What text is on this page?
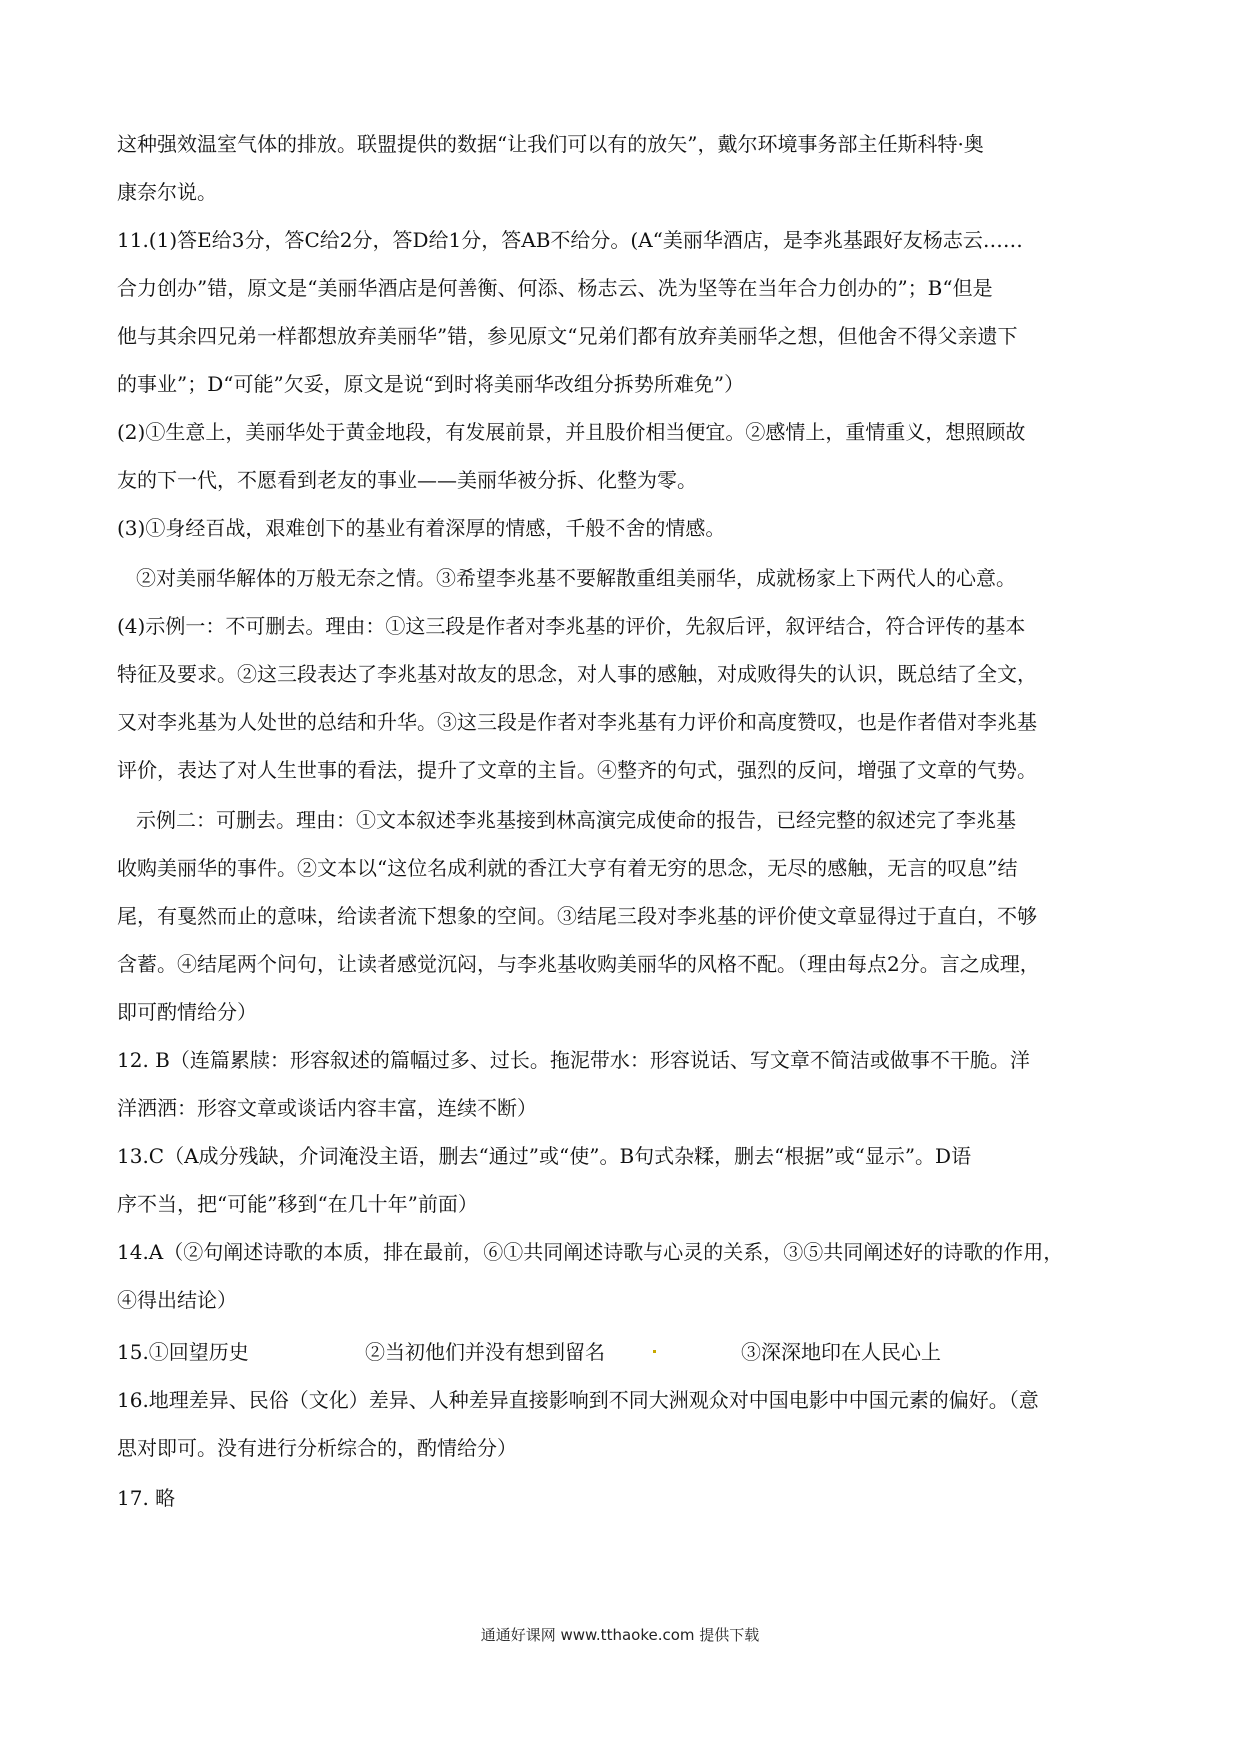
这种强效温室气体的排放。联盟提供的数据“让我们可以有的放矢”，戴尔环境事务部主任斯科特·奥
康奈尔说。
11.(1)答E给3分，答C给2分，答D给1分，答AB不给分。(A“美丽华酒店，是李兆基跟好友杨志云……
合力创办”错，原文是“美丽华酒店是何善衡、何添、杨志云、冼为坚等在当年合力创办的”；B“但是
他与其余四兄弟一样都想放弃美丽华”错，参见原文“兄弟们都有放弃美丽华之想，但他舍不得父亲遗下
的事业”；D“可能”欠妥，原文是说“到时将美丽华改组分拆势所难免”）
(2)①生意上，美丽华处于黄金地段，有发展前景，并且股价相当便宜。②感情上，重情重义，想照顾故
友的下一代，不愿看到老友的事业——美丽华被分拆、化整为零。
(3)①身经百战，艰难创下的基业有着深厚的情感，千般不舍的情感。
②对美丽华解体的万般无奈之情。③希望李兆基不要解散重组美丽华，成就杨家上下两代人的心意。
(4)示例一：不可删去。理由：①这三段是作者对李兆基的评价，先叙后评，叙评结合，符合评传的基本
特征及要求。②这三段表达了李兆基对故友的思念，对人事的感触，对成败得失的认识，既总结了全文，
又对李兆基为人处世的总结和升华。③这三段是作者对李兆基有力评价和高度赞叹，也是作者借对李兆基
评价，表达了对人生世事的看法，提升了文章的主旨。④整齐的句式，强烈的反问，增强了文章的气势。
示例二：可删去。理由：①文本叙述李兆基接到林高演完成使命的报告，已经完整的叙述完了李兆基
收购美丽华的事件。②文本以“这位名成利就的香江大亨有着无穷的思念，无尽的感触，无言的叹息”结
尾，有戛然而止的意味，给读者流下想象的空间。③结尾三段对李兆基的评价使文章显得过于直白，不够
含蓄。④结尾两个问句，让读者感觉沉闷，与李兆基收购美丽华的风格不配。（理由每点2分。言之成理，
即可酌情给分）
12. B（连篇累牍：形容叙述的篇幅过多、过长。拖泥带水：形容说话、写文章不简洁或做事不干脆。洋
洋洒洒：形容文章或谈话内容丰富，连续不断）
13.C（A成分残缺，介词淹没主语，删去“通过”或“使”。B句式杂糅，删去“根据”或“显示”。D语
序不当，把“可能”移到“在几十年”前面）
14.A（②句阐述诗歌的本质，排在最前，⑥①共同阐述诗歌与心灵的关系，③⑤共同阐述好的诗歌的作用，
④得出结论）
15.①回望历史	②当初他们并没有想到留名	③深深地印在人民心上
16.地理差异、民俗（文化）差异、人种差异直接影响到不同大洲观众对中国电影中中国元素的偏好。（意
思对即可。没有进行分析综合的，酌情给分）
17. 略
通通好课网 www.tthaoke.com 提供下载
